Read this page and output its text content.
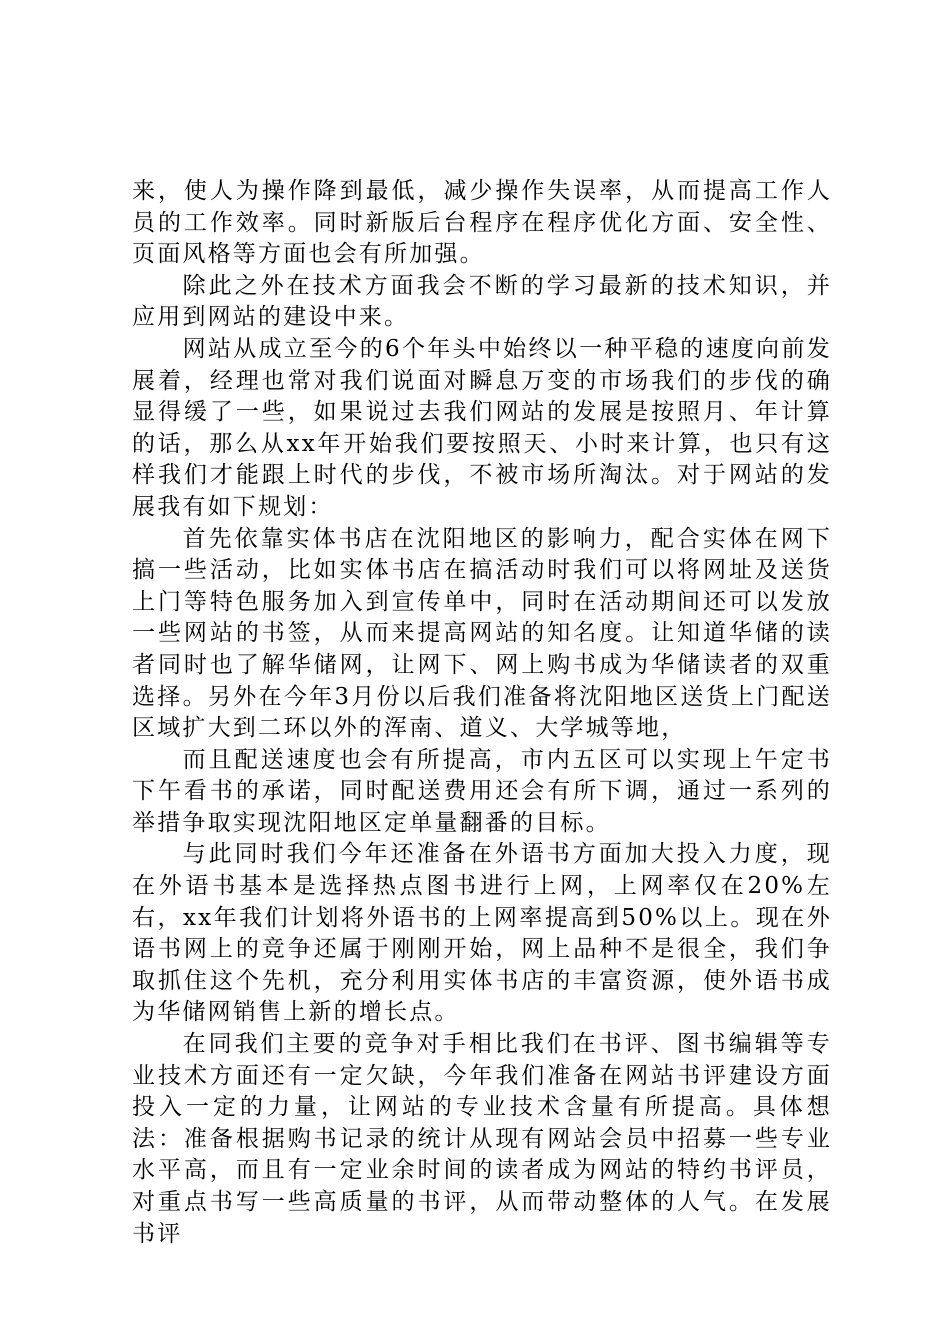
来，使人为操作降到最低，减少操作失误率，从而提高工作人员的工作效率。同时新版后台程序在程序优化方面、安全性、页面风格等方面也会有所加强。

除此之外在技术方面我会不断的学习最新的技术知识，并应用到网站的建设中来。

网站从成立至今的6个年头中始终以一种平稳的速度向前发展着，经理也常对我们说面对瞬息万变的市场我们的步伐的确显得缓了一些，如果说过去我们网站的发展是按照月、年计算的话，那么从xx年开始我们要按照天、小时来计算，也只有这样我们才能跟上时代的步伐，不被市场所淘汰。对于网站的发展我有如下规划：

首先依靠实体书店在沈阳地区的影响力，配合实体在网下搞一些活动，比如实体书店在搞活动时我们可以将网址及送货上门等特色服务加入到宣传单中，同时在活动期间还可以发放一些网站的书签，从而来提高网站的知名度。让知道华储的读者同时也了解华储网，让网下、网上购书成为华储读者的双重选择。另外在今年3月份以后我们准备将沈阳地区送货上门配送区域扩大到二环以外的浑南、道义、大学城等地，

而且配送速度也会有所提高，市内五区可以实现上午定书下午看书的承诺，同时配送费用还会有所下调，通过一系列的举措争取实现沈阳地区定单量翻番的目标。

与此同时我们今年还准备在外语书方面加大投入力度，现在外语书基本是选择热点图书进行上网，上网率仅在20%左右，xx年我们计划将外语书的上网率提高到50%以上。现在外语书网上的竞争还属于刚刚开始，网上品种不是很全，我们争取抓住这个先机，充分利用实体书店的丰富资源，使外语书成为华储网销售上新的增长点。

在同我们主要的竞争对手相比我们在书评、图书编辑等专业技术方面还有一定欠缺，今年我们准备在网站书评建设方面投入一定的力量，让网站的专业技术含量有所提高。具体想法：准备根据购书记录的统计从现有网站会员中招募一些专业水平高，而且有一定业余时间的读者成为网站的特约书评员，对重点书写一些高质量的书评，从而带动整体的人气。在发展书评
